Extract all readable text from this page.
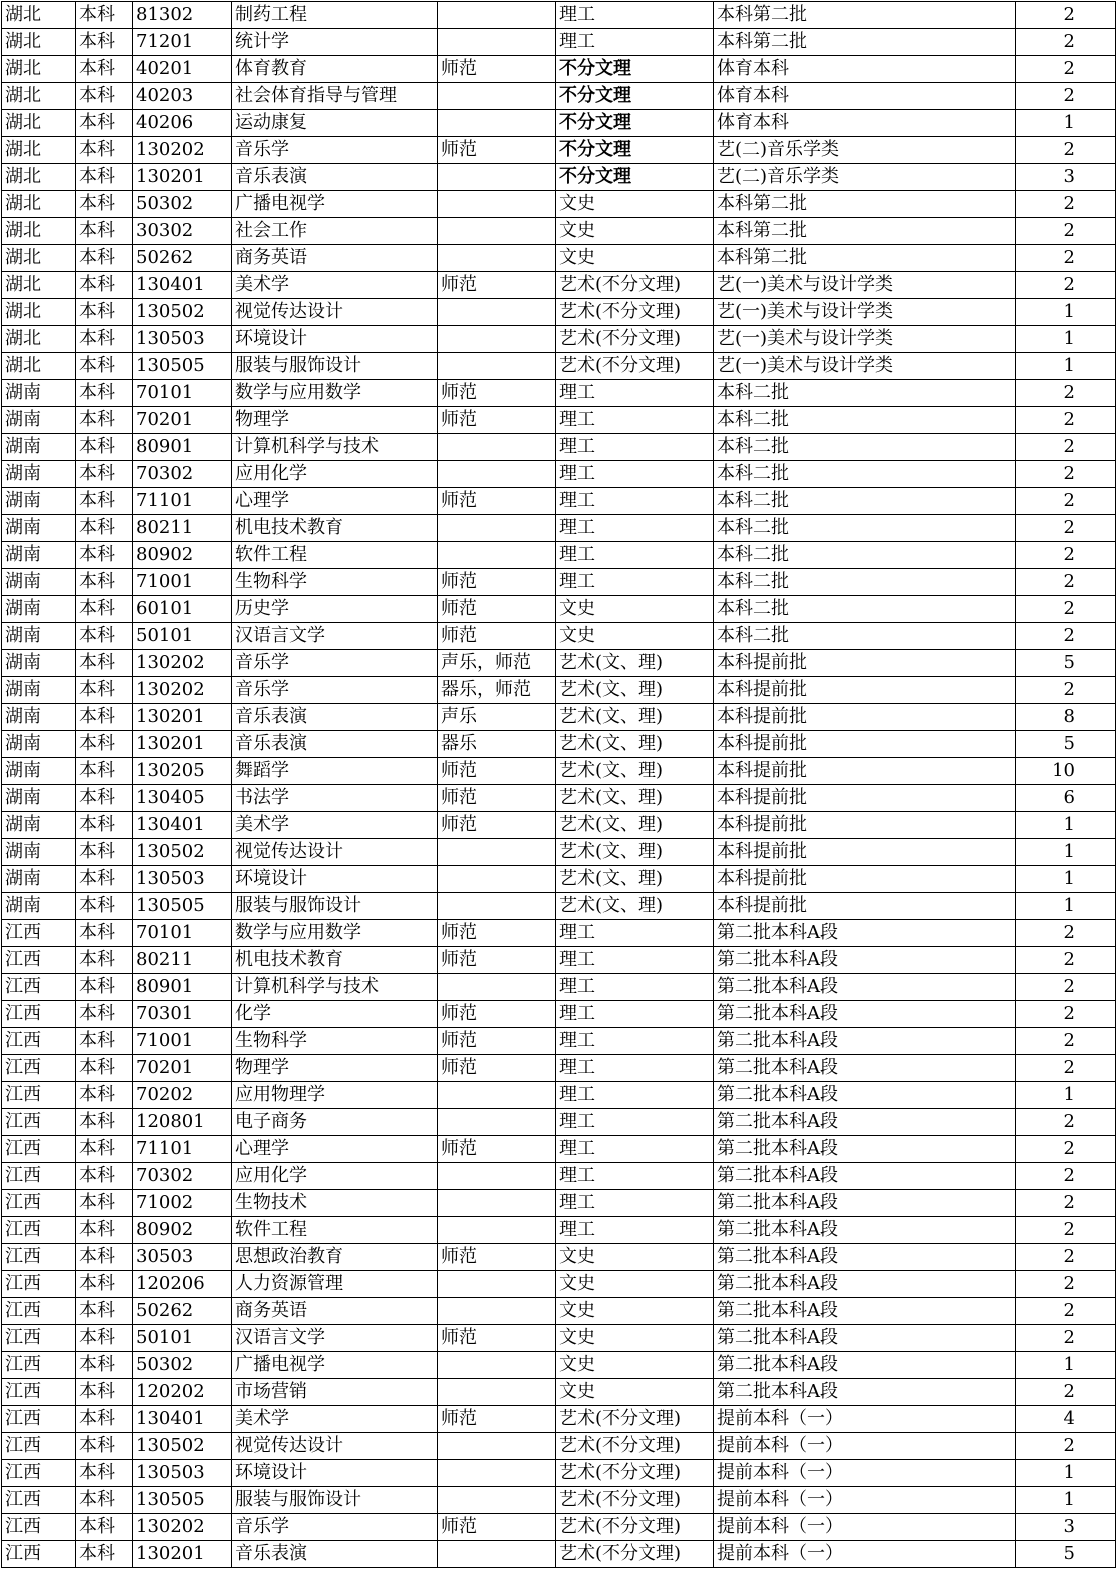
湖北	本科	81302	制药工程		理工	本科第二批	2
湖北	本科	71201	统计学		理工	本科第二批	2
湖北	本科	40201	体育教育	师范	不分文理	体育本科	2
湖北	本科	40203	社会体育指导与管理		不分文理	体育本科	2
湖北	本科	40206	运动康复		不分文理	体育本科	1
湖北	本科	130202	音乐学	师范	不分文理	艺(二)音乐学类	2
湖北	本科	130201	音乐表演		不分文理	艺(二)音乐学类	3
湖北	本科	50302	广播电视学		文史	本科第二批	2
湖北	本科	30302	社会工作		文史	本科第二批	2
湖北	本科	50262	商务英语		文史	本科第二批	2
湖北	本科	130401	美术学	师范	艺术(不分文理)	艺(一)美术与设计学类	2
湖北	本科	130502	视觉传达设计		艺术(不分文理)	艺(一)美术与设计学类	1
湖北	本科	130503	环境设计		艺术(不分文理)	艺(一)美术与设计学类	1
湖北	本科	130505	服装与服饰设计		艺术(不分文理)	艺(一)美术与设计学类	1
湖南	本科	70101	数学与应用数学	师范	理工	本科二批	2
湖南	本科	70201	物理学	师范	理工	本科二批	2
湖南	本科	80901	计算机科学与技术		理工	本科二批	2
湖南	本科	70302	应用化学		理工	本科二批	2
湖南	本科	71101	心理学	师范	理工	本科二批	2
湖南	本科	80211	机电技术教育		理工	本科二批	2
湖南	本科	80902	软件工程		理工	本科二批	2
湖南	本科	71001	生物科学	师范	理工	本科二批	2
湖南	本科	60101	历史学	师范	文史	本科二批	2
湖南	本科	50101	汉语言文学	师范	文史	本科二批	2
湖南	本科	130202	音乐学	声乐，师范	艺术(文、理)	本科提前批	5
湖南	本科	130202	音乐学	器乐，师范	艺术(文、理)	本科提前批	2
湖南	本科	130201	音乐表演	声乐	艺术(文、理)	本科提前批	8
湖南	本科	130201	音乐表演	器乐	艺术(文、理)	本科提前批	5
湖南	本科	130205	舞蹈学	师范	艺术(文、理)	本科提前批	10
湖南	本科	130405	书法学	师范	艺术(文、理)	本科提前批	6
湖南	本科	130401	美术学	师范	艺术(文、理)	本科提前批	1
湖南	本科	130502	视觉传达设计		艺术(文、理)	本科提前批	1
湖南	本科	130503	环境设计		艺术(文、理)	本科提前批	1
湖南	本科	130505	服装与服饰设计		艺术(文、理)	本科提前批	1
江西	本科	70101	数学与应用数学	师范	理工	第二批本科A段	2
江西	本科	80211	机电技术教育	师范	理工	第二批本科A段	2
江西	本科	80901	计算机科学与技术		理工	第二批本科A段	2
江西	本科	70301	化学	师范	理工	第二批本科A段	2
江西	本科	71001	生物科学	师范	理工	第二批本科A段	2
江西	本科	70201	物理学	师范	理工	第二批本科A段	2
江西	本科	70202	应用物理学		理工	第二批本科A段	1
江西	本科	120801	电子商务		理工	第二批本科A段	2
江西	本科	71101	心理学	师范	理工	第二批本科A段	2
江西	本科	70302	应用化学		理工	第二批本科A段	2
江西	本科	71002	生物技术		理工	第二批本科A段	2
江西	本科	80902	软件工程		理工	第二批本科A段	2
江西	本科	30503	思想政治教育	师范	文史	第二批本科A段	2
江西	本科	120206	人力资源管理		文史	第二批本科A段	2
江西	本科	50262	商务英语		文史	第二批本科A段	2
江西	本科	50101	汉语言文学	师范	文史	第二批本科A段	2
江西	本科	50302	广播电视学		文史	第二批本科A段	1
江西	本科	120202	市场营销		文史	第二批本科A段	2
江西	本科	130401	美术学	师范	艺术(不分文理)	提前本科（一）	4
江西	本科	130502	视觉传达设计		艺术(不分文理)	提前本科（一）	2
江西	本科	130503	环境设计		艺术(不分文理)	提前本科（一）	1
江西	本科	130505	服装与服饰设计		艺术(不分文理)	提前本科（一）	1
江西	本科	130202	音乐学	师范	艺术(不分文理)	提前本科（一）	3
江西	本科	130201	音乐表演		艺术(不分文理)	提前本科（一）	5
